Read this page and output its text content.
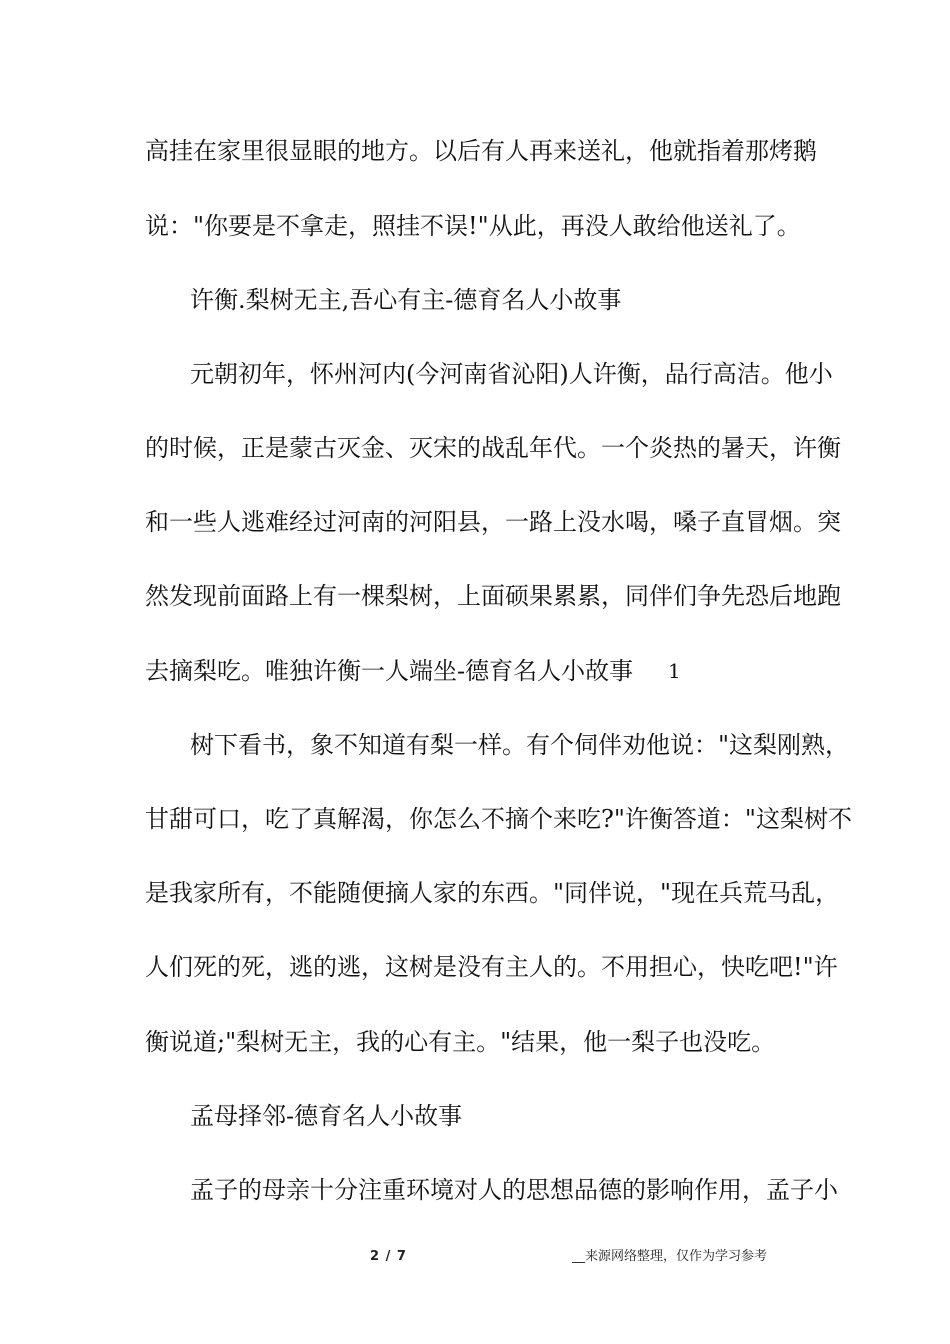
高挂在家里很显眼的地方。以后有人再来送礼，他就指着那烤鹅
说："你要是不拿走，照挂不误!"从此，再没人敢给他送礼了。
许衡.梨树无主,吾心有主-德育名人小故事
元朝初年，怀州河内(今河南省沁阳)人许衡，品行高洁。他小
的时候，正是蒙古灭金、灭宋的战乱年代。一个炎热的暑天，许衡
和一些人逃难经过河南的河阳县，一路上没水喝，嗓子直冒烟。突
然发现前面路上有一棵梨树，上面硕果累累，同伴们争先恐后地跑
去摘梨吃。唯独许衡一人端坐-德育名人小故事 1
树下看书，象不知道有梨一样。有个伺伴劝他说："这梨刚熟，
甘甜可口，吃了真解渴，你怎么不摘个来吃?"许衡答道："这梨树不
是我家所有，不能随便摘人家的东西。"同伴说，"现在兵荒马乱，
人们死的死，逃的逃，这树是没有主人的。不用担心，快吃吧!"许
衡说道;"梨树无主，我的心有主。"结果，他一梨子也没吃。
孟母择邻-德育名人小故事
孟子的母亲十分注重环境对人的思想品德的影响作用，孟子小
2 / 7	__来源网络整理，仅作为学习参考
